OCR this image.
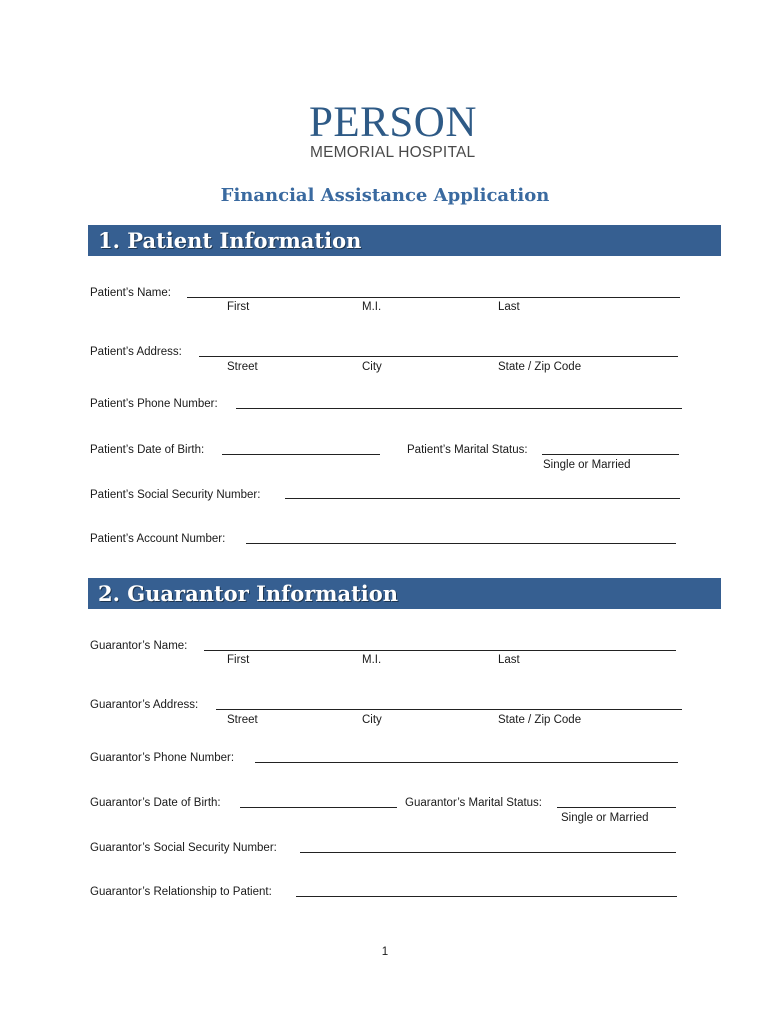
PERSON
MEMORIAL HOSPITAL
Financial Assistance Application
1. Patient Information
Patient’s Name:
First	M.I.	Last
Patient’s Address:
Street	City	State / Zip Code
Patient’s Phone Number:
Patient’s Date of Birth:	Patient’s Marital Status:
Single or Married
Patient’s Social Security Number:
Patient’s Account Number:
2. Guarantor Information
Guarantor’s Name:
First	M.I.	Last
Guarantor’s Address:
Street	City	State / Zip Code
Guarantor’s Phone Number:
Guarantor’s Date of Birth:	Guarantor’s Marital Status:
Single or Married
Guarantor’s Social Security Number:
Guarantor’s Relationship to Patient:
1
